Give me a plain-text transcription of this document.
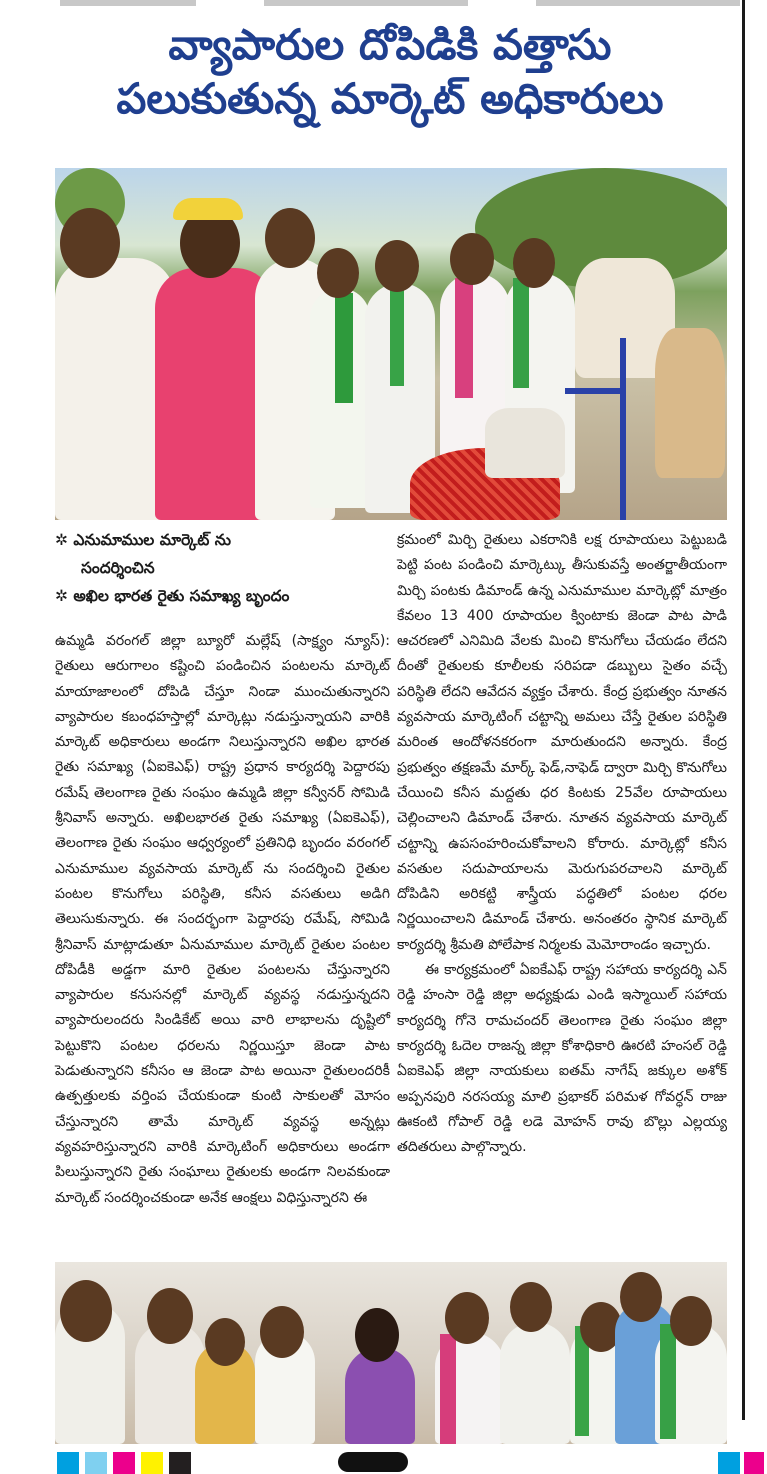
వ్యాపారుల దోపిడికి వత్తాసు
పలుకుతున్న మార్కెట్ అధికారులు
✲ ఎనుమాముల మార్కెట్ ను
సందర్శించిన
✲ అఖిల భారత రైతు సమాఖ్య బృందం
ఉమ్మడి వరంగల్ జిల్లా బ్యూరో మల్లేష్ (సాక్ష్యం న్యూస్): రైతులు ఆరుగాలం కష్టించి పండించిన పంటలను మార్కెట్ మాయాజాలంలో దోపిడి చేస్తూ నిండా ముంచుతున్నారని వ్యాపారుల కబంధహస్తాల్లో మార్కెట్లు నడుస్తున్నాయని వారికి మార్కెట్ అధికారులు అండగా నిలుస్తున్నారని అఖిల భారత రైతు సమాఖ్య (ఏఐకెఎఫ్) రాష్ట్ర ప్రధాన కార్యదర్శి పెద్దారపు రమేష్ తెలంగాణ రైతు సంఘం ఉమ్మడి జిల్లా కన్వీనర్ సోమిడి శ్రీనివాస్ అన్నారు. అఖిలభారత రైతు సమాఖ్య (ఏఐకెఎఫ్), తెలంగాణ రైతు సంఘం ఆధ్వర్యంలో ప్రతినిధి బృందం వరంగల్ ఎనుమాముల వ్యవసాయ మార్కెట్ ను సందర్శించి రైతుల పంటల కొనుగోలు పరిస్థితి, కనీస వసతులు అడిగి తెలుసుకున్నారు. ఈ సందర్భంగా పెద్దారపు రమేష్, సోమిడి శ్రీనివాస్ మాట్లాడుతూ ఏనుమాముల మార్కెట్ రైతుల పంటల దోపిడీకి అడ్డగా మారి రైతుల పంటలను చేస్తున్నారని వ్యాపారుల కనుసనల్లో మార్కెట్ వ్యవస్థ నడుస్తున్నదని వ్యాపారులందరు సిండికేట్ అయి వారి లాభాలను దృష్టిలో పెట్టుకొని పంటల ధరలను నిర్ణయిస్తూ జెండా పాట పెడుతున్నారని కనీసం ఆ జెండా పాట అయినా రైతులందరికీ ఉత్పత్తులకు వర్తింప చేయకుండా కుంటి సాకులతో మోసం చేస్తున్నారని తామే మార్కెట్ వ్యవస్థ అన్నట్లు వ్యవహరిస్తున్నారని వారికి మార్కెటింగ్ అధికారులు అండగా పిలుస్తున్నారని రైతు సంఘాలు రైతులకు అండగా నిలవకుండా మార్కెట్ సందర్శించకుండా అనేక ఆంక్షలు విధిస్తున్నారని ఈ
క్రమంలో మిర్చి రైతులు ఎకరానికి లక్ష రూపాయలు పెట్టుబడి పెట్టి పంట పండించి మార్కెట్కు తీసుకువస్తే అంతర్జాతీయంగా మిర్చి పంటకు డిమాండ్ ఉన్న ఎనుమాముల మార్కెట్లో మాత్రం కేవలం 13 400 రూపాయల క్వింటాకు జెండా పాట పాడి ఆచరణలో ఎనిమిది వేలకు మించి కొనుగోలు చేయడం లేదని దీంతో రైతులకు కూలీలకు సరిపడా డబ్బులు సైతం వచ్చే పరిస్థితి లేదని ఆవేదన వ్యక్తం చేశారు. కేంద్ర ప్రభుత్వం నూతన వ్యవసాయ మార్కెటింగ్ చట్టాన్ని అమలు చేస్తే రైతుల పరిస్థితి మరింత ఆందోళనకరంగా మారుతుందని అన్నారు. కేంద్ర ప్రభుత్వం తక్షణమే మార్క్ ఫెడ్,నాఫెడ్ ద్వారా మిర్చి కొనుగోలు చేయించి కనీస మద్దతు ధర కింటకు 25వేల రూపాయలు చెల్లించాలని డిమాండ్ చేశారు. నూతన వ్యవసాయ మార్కెట్ చట్టాన్ని ఉపసంహరించుకోవాలని కోరారు. మార్కెట్లో కనీస వసతుల సదుపాయాలను మెరుగుపరచాలని మార్కెట్ దోపిడిని అరికట్టి శాస్త్రీయ పద్ధతిలో పంటల ధరల నిర్ణయించాలని డిమాండ్ చేశారు. అనంతరం స్థానిక మార్కెట్ కార్యదర్శి శ్రీమతి పోలేపాక నిర్మలకు మెమోరాండం ఇచ్చారు.
ఈ కార్యక్రమంలో ఏఐకేఎఫ్ రాష్ట్ర సహాయ కార్యదర్శి ఎన్ రెడ్డి హంసా రెడ్డి జిల్లా అధ్యక్షుడు ఎండి ఇస్మాయిల్ సహాయ కార్యదర్శి గోనె రామచందర్ తెలంగాణ రైతు సంఘం జిల్లా కార్యదర్శి ఓదెల రాజన్న జిల్లా కోశాధికారి ఊరటి హంసల్ రెడ్డి ఏఐకెఎఫ్ జిల్లా నాయకులు ఐతమ్ నాగేష్ జక్కుల అశోక్ అప్పనపురి నరసయ్య మాలి ప్రభాకర్ పరిమళ గోవర్ధన్ రాజు ఊకంటి గోపాల్ రెడ్డి లడె మోహన్ రావు బొల్లు ఎల్లయ్య తదితరులు పాల్గొన్నారు.
